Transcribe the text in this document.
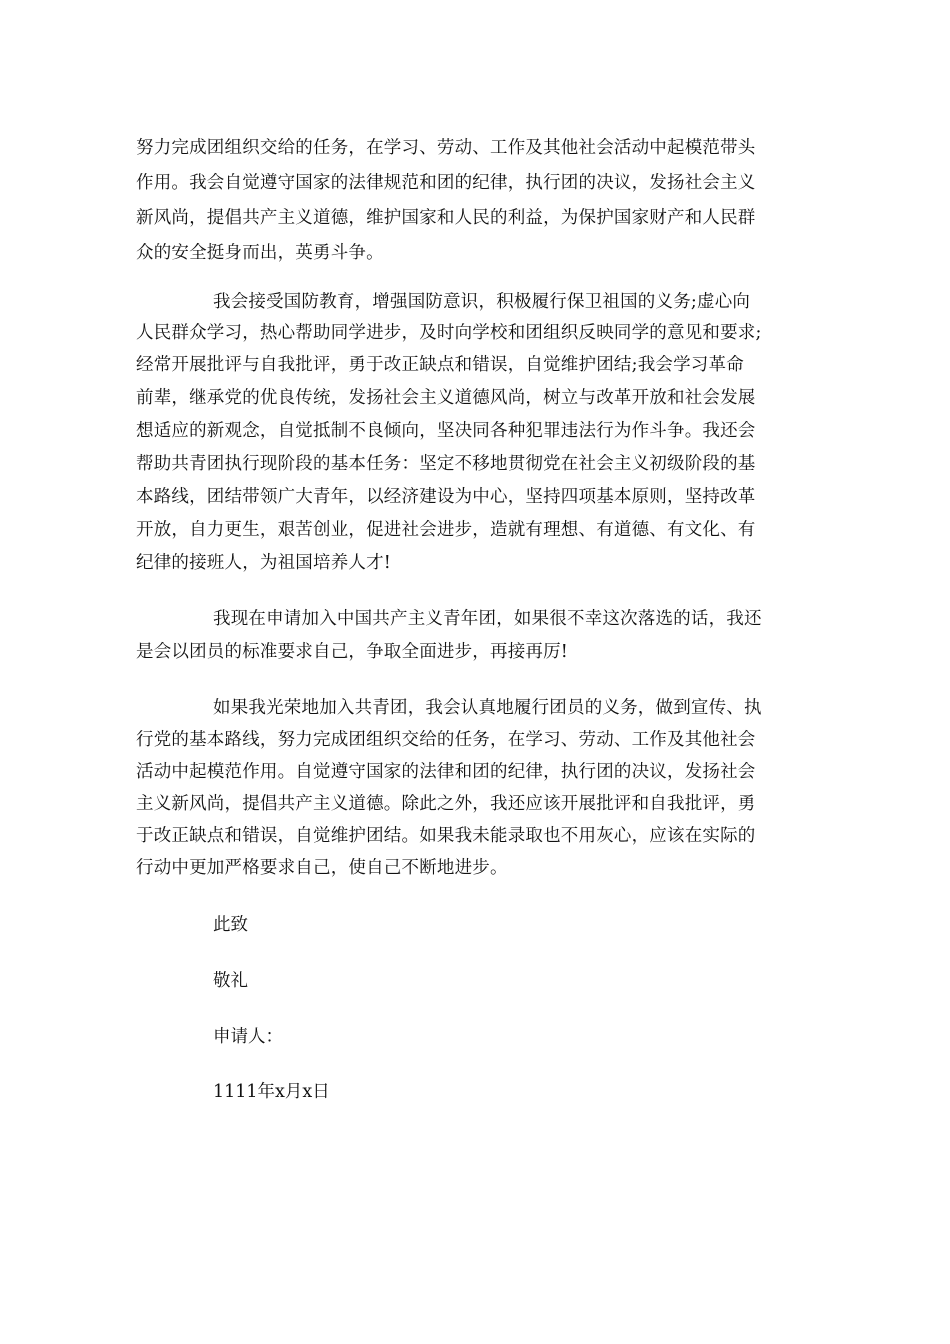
努力完成团组织交给的任务，在学习、劳动、工作及其他社会活动中起模范带头
作用。我会自觉遵守国家的法律规范和团的纪律，执行团的决议，发扬社会主义
新风尚，提倡共产主义道德，维护国家和人民的利益，为保护国家财产和人民群
众的安全挺身而出，英勇斗争。
我会接受国防教育，增强国防意识，积极履行保卫祖国的义务;虚心向
人民群众学习，热心帮助同学进步，及时向学校和团组织反映同学的意见和要求;
经常开展批评与自我批评，勇于改正缺点和错误，自觉维护团结;我会学习革命
前辈，继承党的优良传统，发扬社会主义道德风尚，树立与改革开放和社会发展
想适应的新观念，自觉抵制不良倾向，坚决同各种犯罪违法行为作斗争。我还会
帮助共青团执行现阶段的基本任务：坚定不移地贯彻党在社会主义初级阶段的基
本路线，团结带领广大青年，以经济建设为中心，坚持四项基本原则，坚持改革
开放，自力更生，艰苦创业，促进社会进步，造就有理想、有道德、有文化、有
纪律的接班人，为祖国培养人才!
我现在申请加入中国共产主义青年团，如果很不幸这次落选的话，我还
是会以团员的标准要求自己，争取全面进步，再接再厉!
如果我光荣地加入共青团，我会认真地履行团员的义务，做到宣传、执
行党的基本路线，努力完成团组织交给的任务，在学习、劳动、工作及其他社会
活动中起模范作用。自觉遵守国家的法律和团的纪律，执行团的决议，发扬社会
主义新风尚，提倡共产主义道德。除此之外，我还应该开展批评和自我批评，勇
于改正缺点和错误，自觉维护团结。如果我未能录取也不用灰心，应该在实际的
行动中更加严格要求自己，使自己不断地进步。
此致
敬礼
申请人：
1111年x月x日
